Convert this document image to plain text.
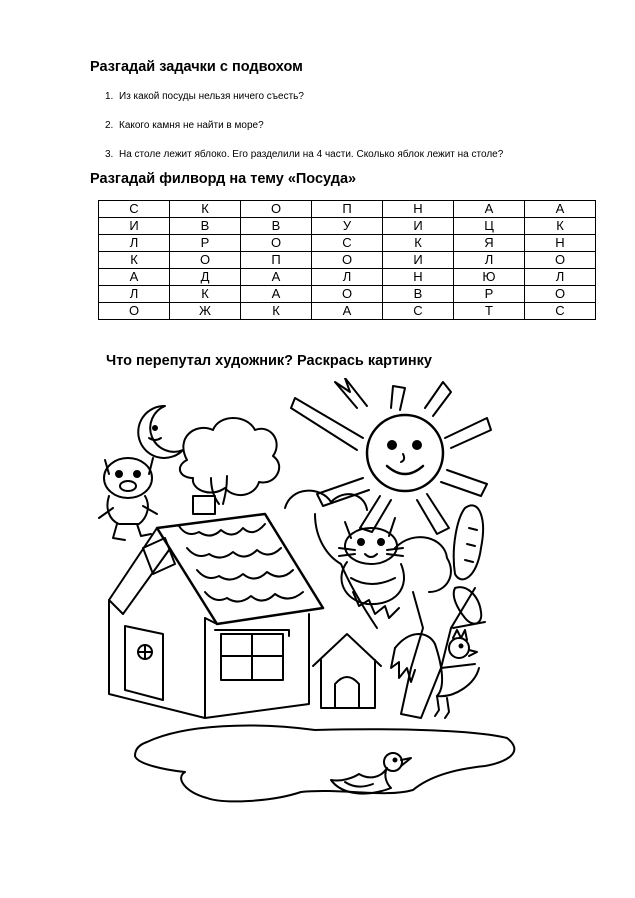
Разгадай задачки с подвохом
1. Из какой посуды нельзя ничего съесть?
2. Какого камня не найти в море?
3. На столе лежит яблоко. Его разделили на 4 части. Сколько яблок лежит на столе?
Разгадай филворд на тему «Посуда»
С	К	О	П	Н	А	А
И	В	В	У	И	Ц	К
Л	Р	О	С	К	Я	Н
К	О	П	О	И	Л	О
А	Д	А	Л	Н	Ю	Л
Л	К	А	О	В	Р	О
О	Ж	К	А	С	Т	С
Что перепутал художник? Раскрась картинку
